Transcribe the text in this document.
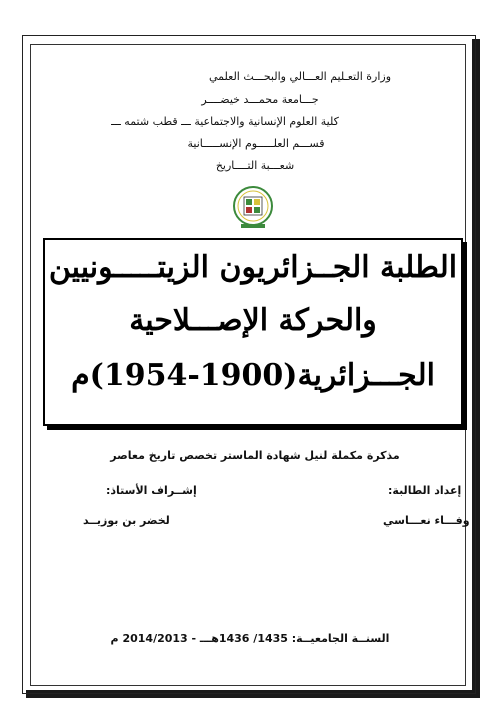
وزارة التعـليم العـــالي والبحـــث العلمي
جـــامعة محمـــد خيضــــر
كلية العلوم الإنسانية والاجتماعية ـــ قطب شتمه ـــ
قســـم العلـــــوم الإنســـــانية
شعـــبة التــــاريخ
الطلبة الجــزائريون الزيتـــــونيين
والحركة الإصـــلاحية
الجـــزائرية(1900-1954)م
مذكرة مكملة لنيل شهادة الماستر تخصص تاريخ معاصر
إعداد الطالبة:
إشــراف الأستاذ:
وفـــاء نعـــاسي
لخضر بن بوزيــد
السنــة الجامعيــة: 1435/ 1436هـــ - 2014/2013 م
